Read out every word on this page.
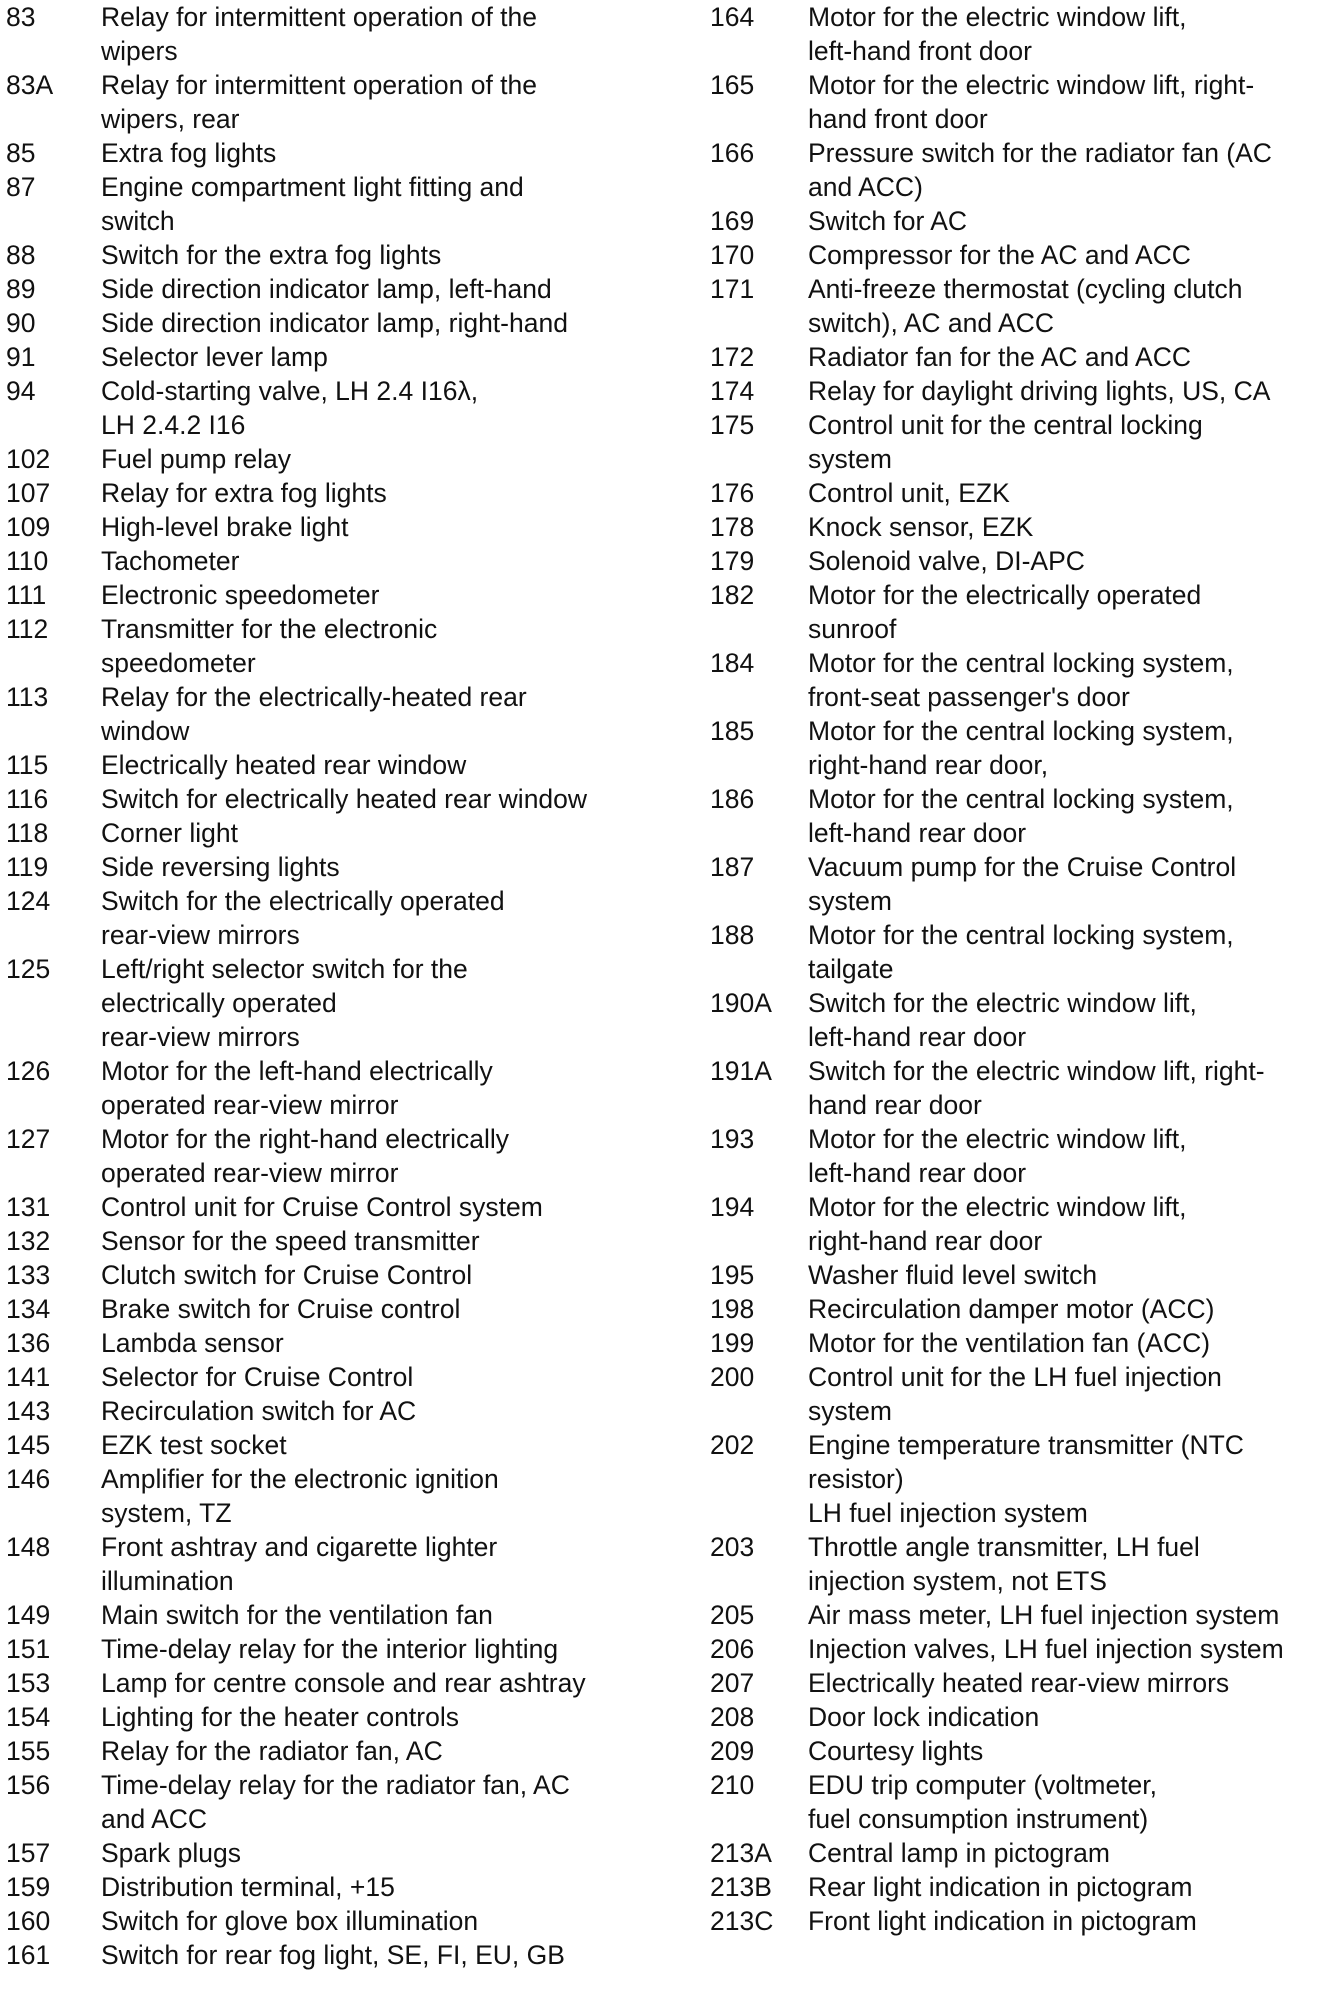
83	Relay for intermittent operation of the
wipers
83A	Relay for intermittent operation of the
wipers, rear
85	Extra fog lights
87	Engine compartment light fitting and
switch
88	Switch for the extra fog lights
89	Side direction indicator lamp, left-hand
90	Side direction indicator lamp, right-hand
91	Selector lever lamp
94	Cold-starting valve, LH 2.4 I16λ,
LH 2.4.2 I16
102	Fuel pump relay
107	Relay for extra fog lights
109	High-level brake light
110	Tachometer
111	Electronic speedometer
112	Transmitter for the electronic
speedometer
113	Relay for the electrically-heated rear
window
115	Electrically heated rear window
116	Switch for electrically heated rear window
118	Corner light
119	Side reversing lights
124	Switch for the electrically operated
rear-view mirrors
125	Left/right selector switch for the
electrically operated
rear-view mirrors
126	Motor for the left-hand electrically
operated rear-view mirror
127	Motor for the right-hand electrically
operated rear-view mirror
131	Control unit for Cruise Control system
132	Sensor for the speed transmitter
133	Clutch switch for Cruise Control
134	Brake switch for Cruise control
136	Lambda sensor
141	Selector for Cruise Control
143	Recirculation switch for AC
145	EZK test socket
146	Amplifier for the electronic ignition
system, TZ
148	Front ashtray and cigarette lighter
illumination
149	Main switch for the ventilation fan
151	Time-delay relay for the interior lighting
153	Lamp for centre console and rear ashtray
154	Lighting for the heater controls
155	Relay for the radiator fan, AC
156	Time-delay relay for the radiator fan, AC
and ACC
157	Spark plugs
159	Distribution terminal, +15
160	Switch for glove box illumination
161	Switch for rear fog light, SE, FI, EU, GB
164	Motor for the electric window lift,
left-hand front door
165	Motor for the electric window lift, right-
hand front door
166	Pressure switch for the radiator fan (AC
and ACC)
169	Switch for AC
170	Compressor for the AC and ACC
171	Anti-freeze thermostat (cycling clutch
switch), AC and ACC
172	Radiator fan for the AC and ACC
174	Relay for daylight driving lights, US, CA
175	Control unit for the central locking
system
176	Control unit, EZK
178	Knock sensor, EZK
179	Solenoid valve, DI-APC
182	Motor for the electrically operated
sunroof
184	Motor for the central locking system,
front-seat passenger's door
185	Motor for the central locking system,
right-hand rear door,
186	Motor for the central locking system,
left-hand rear door
187	Vacuum pump for the Cruise Control
system
188	Motor for the central locking system,
tailgate
190A	Switch for the electric window lift,
left-hand rear door
191A	Switch for the electric window lift, right-
hand rear door
193	Motor for the electric window lift,
left-hand rear door
194	Motor for the electric window lift,
right-hand rear door
195	Washer fluid level switch
198	Recirculation damper motor (ACC)
199	Motor for the ventilation fan (ACC)
200	Control unit for the LH fuel injection
system
202	Engine temperature transmitter (NTC
resistor)
LH fuel injection system
203	Throttle angle transmitter, LH fuel
injection system, not ETS
205	Air mass meter, LH fuel injection system
206	Injection valves, LH fuel injection system
207	Electrically heated rear-view mirrors
208	Door lock indication
209	Courtesy lights
210	EDU trip computer (voltmeter,
fuel consumption instrument)
213A	Central lamp in pictogram
213B	Rear light indication in pictogram
213C	Front light indication in pictogram
